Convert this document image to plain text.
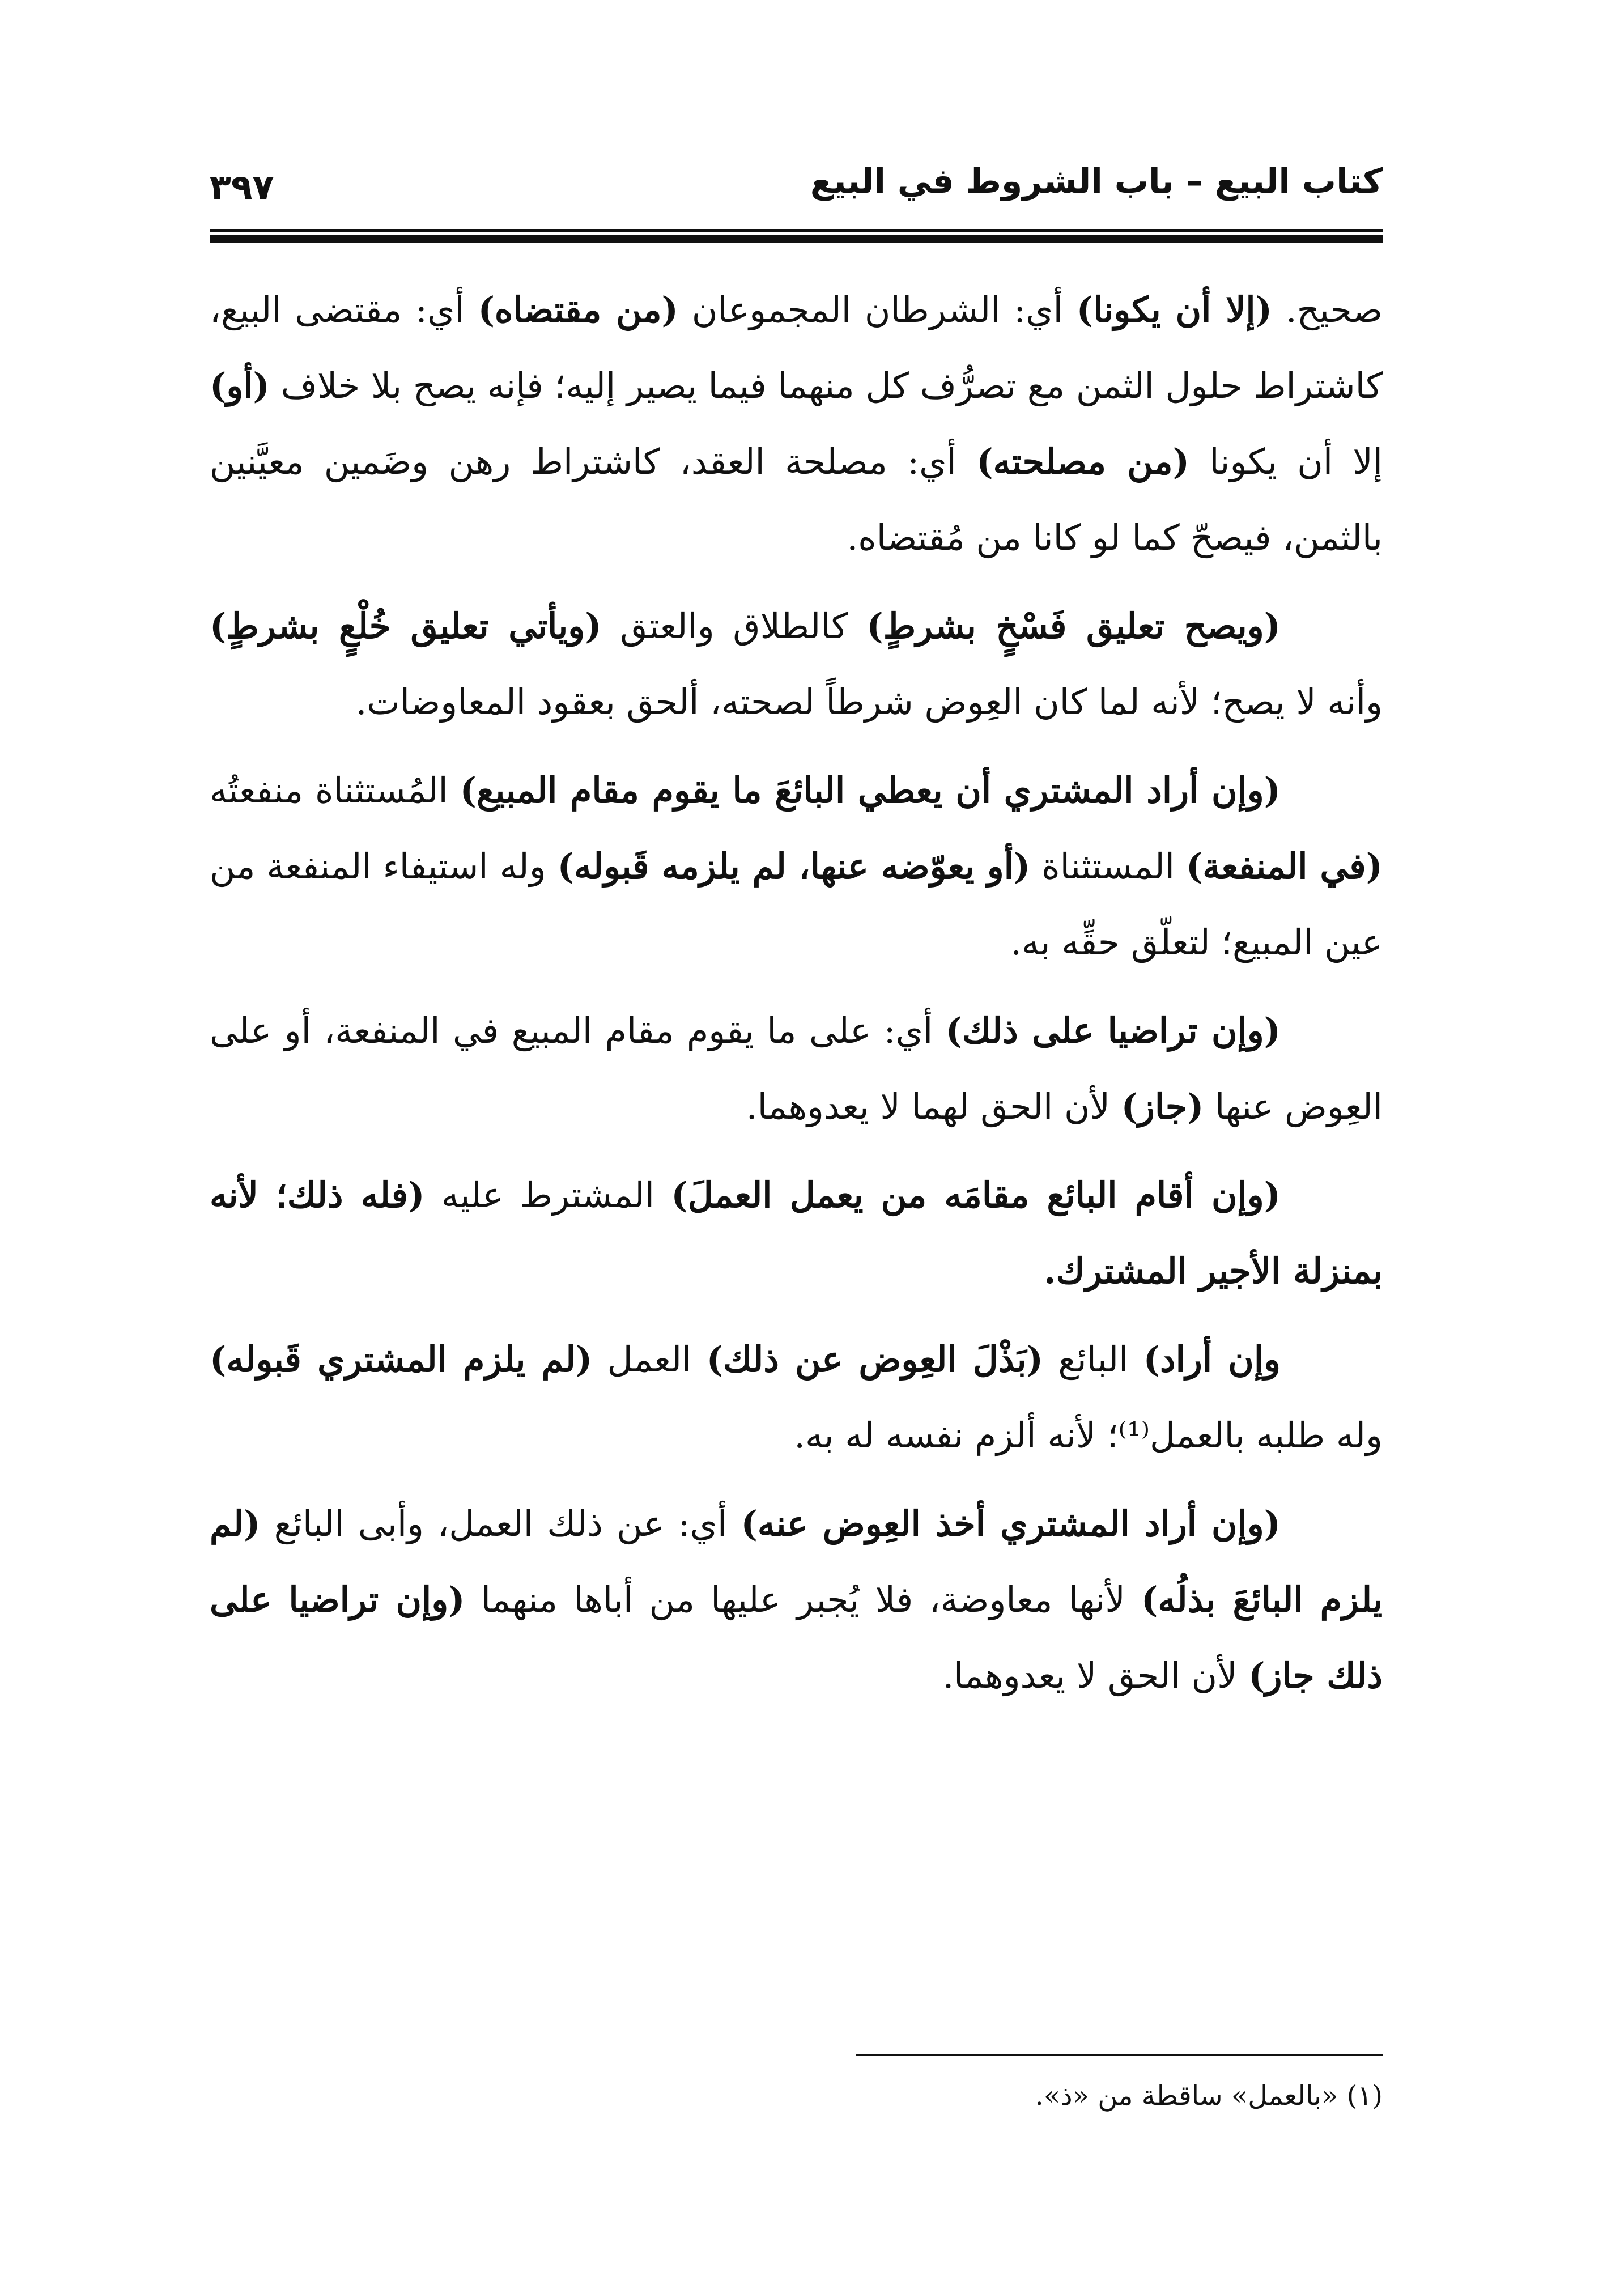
كتاب البيع – باب الشروط في البيع
٣٩٧

صحيح. (إلا أن يكونا) أي: الشرطان المجموعان (من مقتضاه) أي: مقتضى البيع، كاشتراط حلول الثمن مع تصرُّف كل منهما فيما يصير إليه؛ فإنه يصح بلا خلاف (أو) إلا أن يكونا (من مصلحته) أي: مصلحة العقد، كاشتراط رهن وضَمين معيَّنين بالثمن، فيصحّ كما لو كانا من مُقتضاه.

(ويصح تعليق فَسْخٍ بشرطٍ) كالطلاق والعتق (ويأتي تعليق خُلْعٍ بشرطٍ) وأنه لا يصح؛ لأنه لما كان العِوض شرطاً لصحته، ألحق بعقود المعاوضات.

(وإن أراد المشتري أن يعطي البائعَ ما يقوم مقام المبيع) المُستثناة منفعتُه (في المنفعة) المستثناة (أو يعوّضه عنها، لم يلزمه قَبوله) وله استيفاء المنفعة من عين المبيع؛ لتعلّق حقِّه به.

(وإن تراضيا على ذلك) أي: على ما يقوم مقام المبيع في المنفعة، أو على العِوض عنها (جاز) لأن الحق لهما لا يعدوهما.

(وإن أقام البائع مقامَه من يعمل العملَ) المشترط عليه (فله ذلك؛ لأنه بمنزلة الأجير المشترك.

وإن أراد) البائع (بَذْلَ العِوض عن ذلك) العمل (لم يلزم المشتري قَبوله) وله طلبه بالعمل⁽¹⁾؛ لأنه ألزم نفسه له به.

(وإن أراد المشتري أخذ العِوض عنه) أي: عن ذلك العمل، وأبى البائع (لم يلزم البائعَ بذلُه) لأنها معاوضة، فلا يُجبر عليها من أباها منهما (وإن تراضيا على ذلك جاز) لأن الحق لا يعدوهما.

(١) «بالعمل» ساقطة من «ذ».
